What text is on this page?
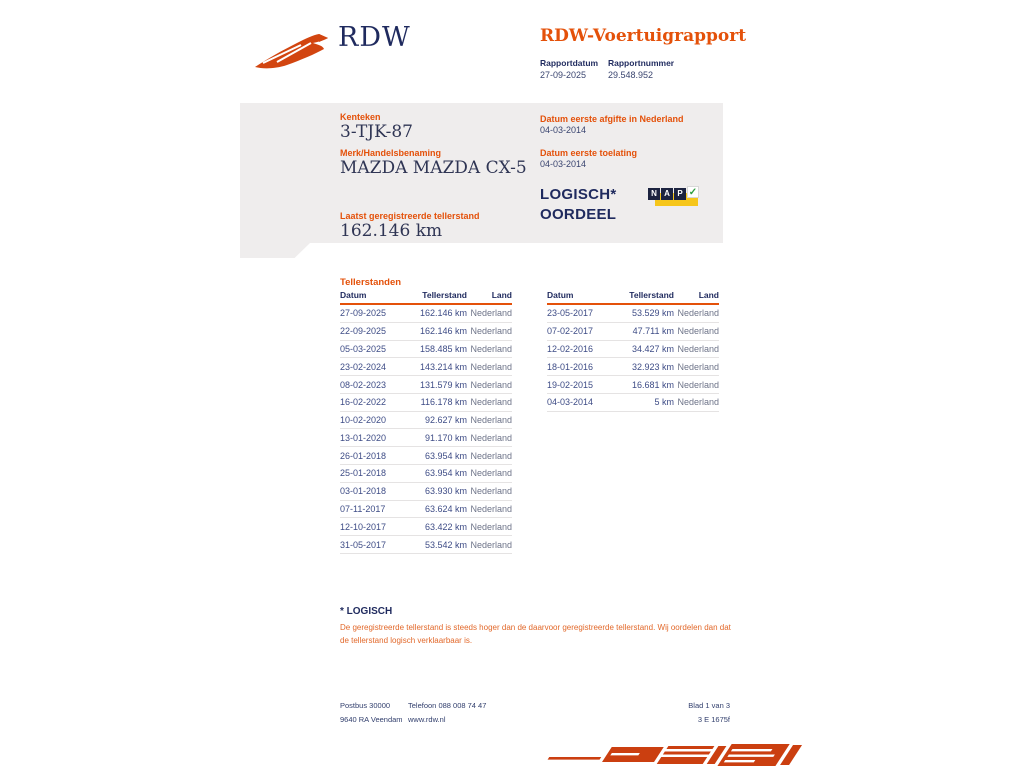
RDW	RDW-Voertuigrapport
Rapportdatum Rapportnummer
27-09-2025 29.548.952
Kenteken
3-TJK-87
Merk/Handelsbenaming
MAZDA MAZDA CX-5
Laatst geregistreerde tellerstand
162.146 km
Datum eerste afgifte in Nederland
04-03-2014
Datum eerste toelating
04-03-2014
LOGISCH*
OORDEEL
N A P ✓
Tellerstanden
Datum	Tellerstand	Land
27-09-2025	162.146 km	Nederland
22-09-2025	162.146 km	Nederland
05-03-2025	158.485 km	Nederland
23-02-2024	143.214 km	Nederland
08-02-2023	131.579 km	Nederland
16-02-2022	116.178 km	Nederland
10-02-2020	92.627 km	Nederland
13-01-2020	91.170 km	Nederland
26-01-2018	63.954 km	Nederland
25-01-2018	63.954 km	Nederland
03-01-2018	63.930 km	Nederland
07-11-2017	63.624 km	Nederland
12-10-2017	63.422 km	Nederland
31-05-2017	53.542 km	Nederland
Datum	Tellerstand	Land
23-05-2017	53.529 km	Nederland
07-02-2017	47.711 km	Nederland
12-02-2016	34.427 km	Nederland
18-01-2016	32.923 km	Nederland
19-02-2015	16.681 km	Nederland
04-03-2014	5 km	Nederland
* LOGISCH
De geregistreerde tellerstand is steeds hoger dan de daarvoor geregistreerde tellerstand. Wij oordelen dan dat de tellerstand logisch verklaarbaar is.
Postbus 30000
9640 RA Veendam
Telefoon 088 008 74 47
www.rdw.nl
Blad 1 van 3
3 E 1675f
